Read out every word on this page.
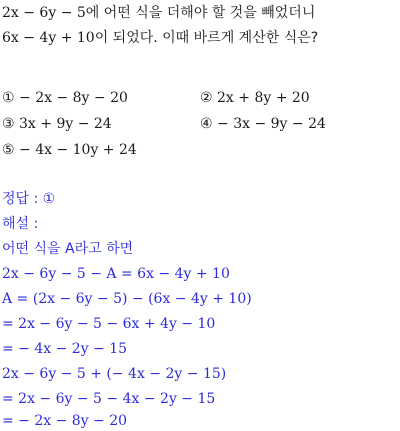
2x − 6y − 5에 어떤 식을 더해야 할 것을 빼었더니
6x − 4y + 10이 되었다. 이때 바르게 계산한 식은?
① − 2x − 8y − 20	② 2x + 8y + 20
③ 3x + 9y − 24	④ − 3x − 9y − 24
⑤ − 4x − 10y + 24
정답 : ①
해설 :
어떤 식을 A라고 하면
2x − 6y − 5 − A = 6x − 4y + 10
A = (2x − 6y − 5) − (6x − 4y + 10)
= 2x − 6y − 5 − 6x + 4y − 10
= − 4x − 2y − 15
2x − 6y − 5 + (− 4x − 2y − 15)
= 2x − 6y − 5 − 4x − 2y − 15
= − 2x − 8y − 20
